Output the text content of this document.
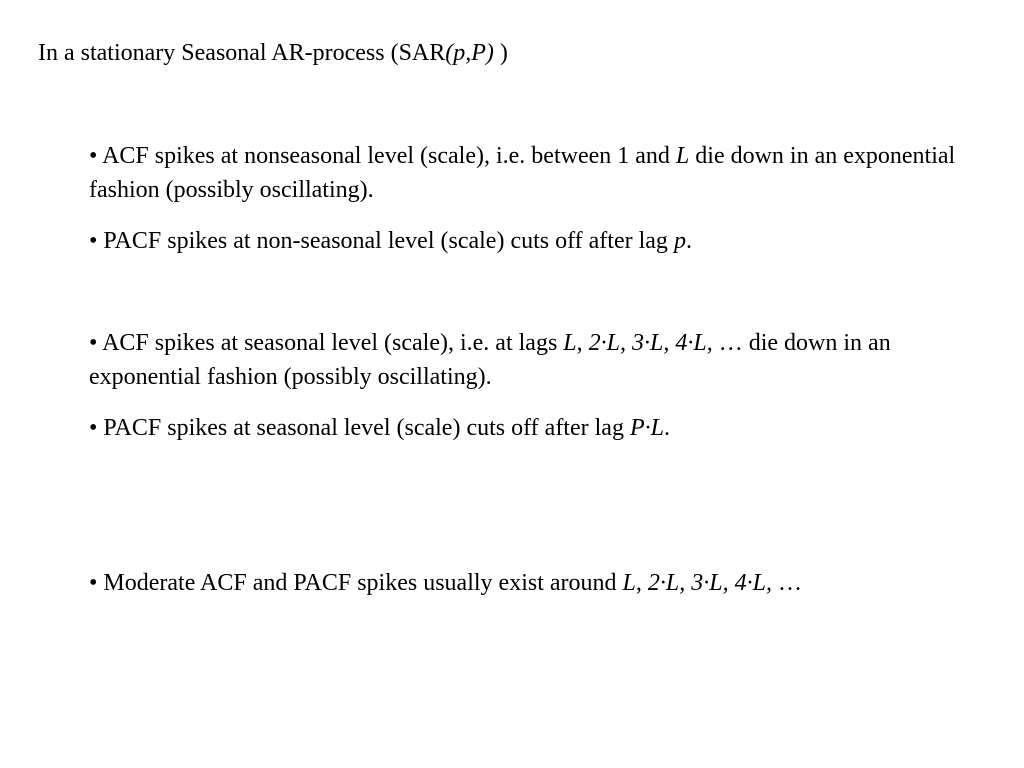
In a stationary Seasonal AR-process (SAR(p,P) )
• ACF spikes at nonseasonal level (scale), i.e. between 1 and L die down in an exponential fashion (possibly oscillating).
• PACF spikes at non-seasonal level (scale) cuts off after lag p.
• ACF spikes at seasonal level (scale), i.e. at lags L, 2·L, 3·L, 4·L, … die down in an exponential fashion (possibly oscillating).
• PACF spikes at seasonal level (scale) cuts off after lag P·L.
• Moderate ACF and PACF spikes usually exist around L, 2·L, 3·L, 4·L, …
